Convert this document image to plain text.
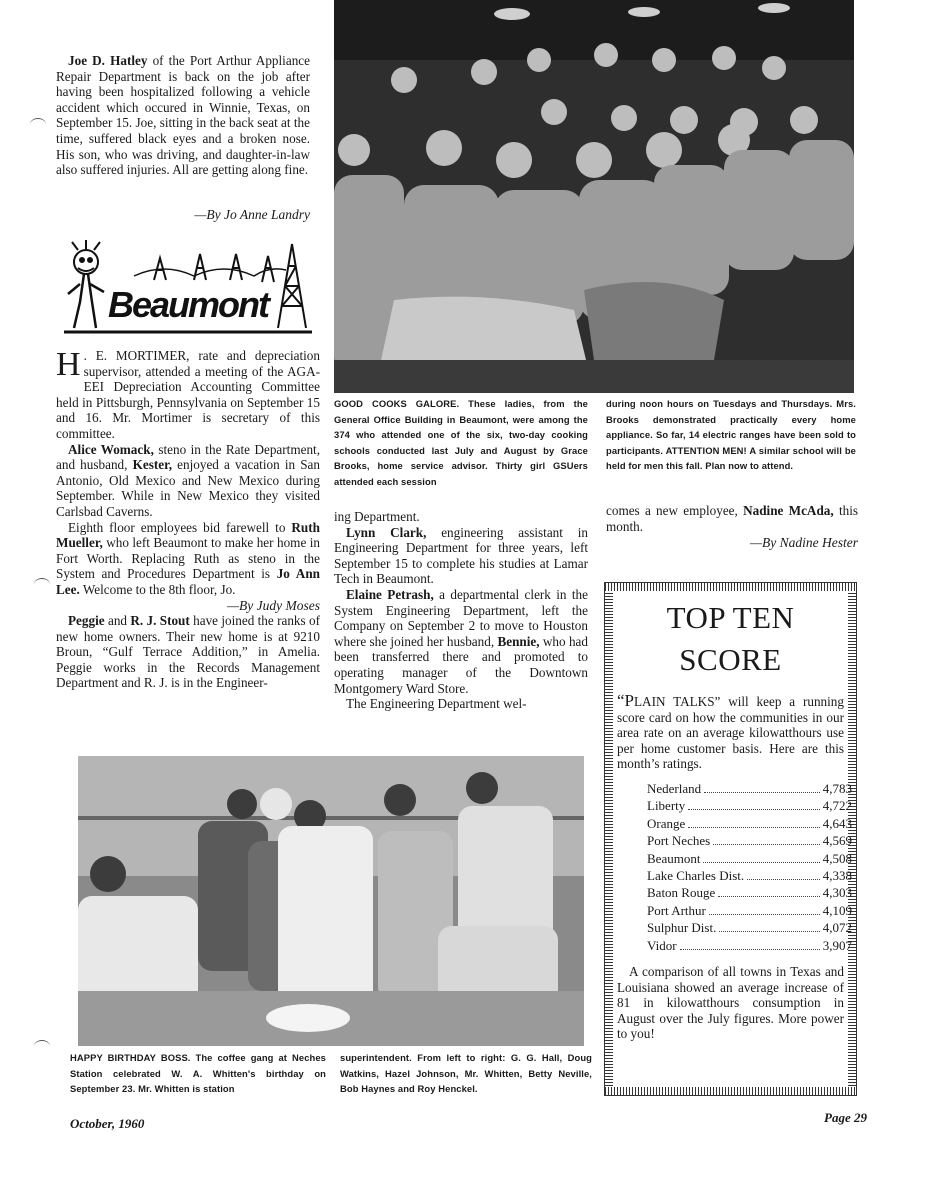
Joe D. Hatley of the Port Arthur Appliance Repair Department is back on the job after having been hospitalized following a vehicle accident which occured in Winnie, Texas, on September 15. Joe, sitting in the back seat at the time, suffered black eyes and a broken nose. His son, who was driving, and daughter-in-law also suffered injuries. All are getting along fine.

—By Jo Anne Landry

Beaumont

H . E. MORTIMER, rate and depreciation supervisor, attended a meeting of the AGA-EEI Depreciation Accounting Committee held in Pittsburgh, Pennsylvania on September 15 and 16. Mr. Mortimer is secretary of this committee.

Alice Womack, steno in the Rate Department, and husband, Kester, enjoyed a vacation in San Antonio, Old Mexico and New Mexico during September. While in New Mexico they visited Carlsbad Caverns.

Eighth floor employees bid farewell to Ruth Mueller, who left Beaumont to make her home in Fort Worth. Replacing Ruth as steno in the System and Procedures Department is Jo Ann Lee. Welcome to the 8th floor, Jo.

—By Judy Moses

Peggie and R. J. Stout have joined the ranks of new home owners. Their new home is at 9210 Broun, “Gulf Terrace Addition,” in Amelia. Peggie works in the Records Management Department and R. J. is in the Engineer-

GOOD COOKS GALORE. These ladies, from the General Office Building in Beaumont, were among the 374 who attended one of the six, two-day cooking schools conducted last July and August by Grace Brooks, home service advisor. Thirty girl GSUers attended each session

during noon hours on Tuesdays and Thursdays. Mrs. Brooks demonstrated practically every home appliance. So far, 14 electric ranges have been sold to participants. ATTENTION MEN! A similar school will be held for men this fall. Plan now to attend.

ing Department.

Lynn Clark, engineering assistant in Engineering Department for three years, left September 15 to complete his studies at Lamar Tech in Beaumont.

Elaine Petrash, a departmental clerk in the System Engineering Department, left the Company on September 2 to move to Houston where she joined her husband, Bennie, who had been transferred there and promoted to operating manager of the Downtown Montgomery Ward Store.

The Engineering Department wel-

comes a new employee, Nadine McAda, this month.

—By Nadine Hester

HAPPY BIRTHDAY BOSS. The coffee gang at Neches Station celebrated W. A. Whitten's birthday on September 23. Mr. Whitten is station

superintendent. From left to right: G. G. Hall, Doug Watkins, Hazel Johnson, Mr. Whitten, Betty Neville, Bob Haynes and Roy Henckel.

TOP TEN
SCORE

“PLAIN TALKS” will keep a running score card on how the communities in our area rate on an average kilowatthours use per home customer basis. Here are this month’s ratings.

Nederland	4,783
Liberty	4,722
Orange	4,643
Port Neches	4,569
Beaumont	4,508
Lake Charles Dist.	4,338
Baton Rouge	4,303
Port Arthur	4,109
Sulphur Dist.	4,072
Vidor	3,907

A comparison of all towns in Texas and Louisiana showed an average increase of 81 in kilowatthours consumption in August over the July figures. More power to you!

October, 1960	Page 29
